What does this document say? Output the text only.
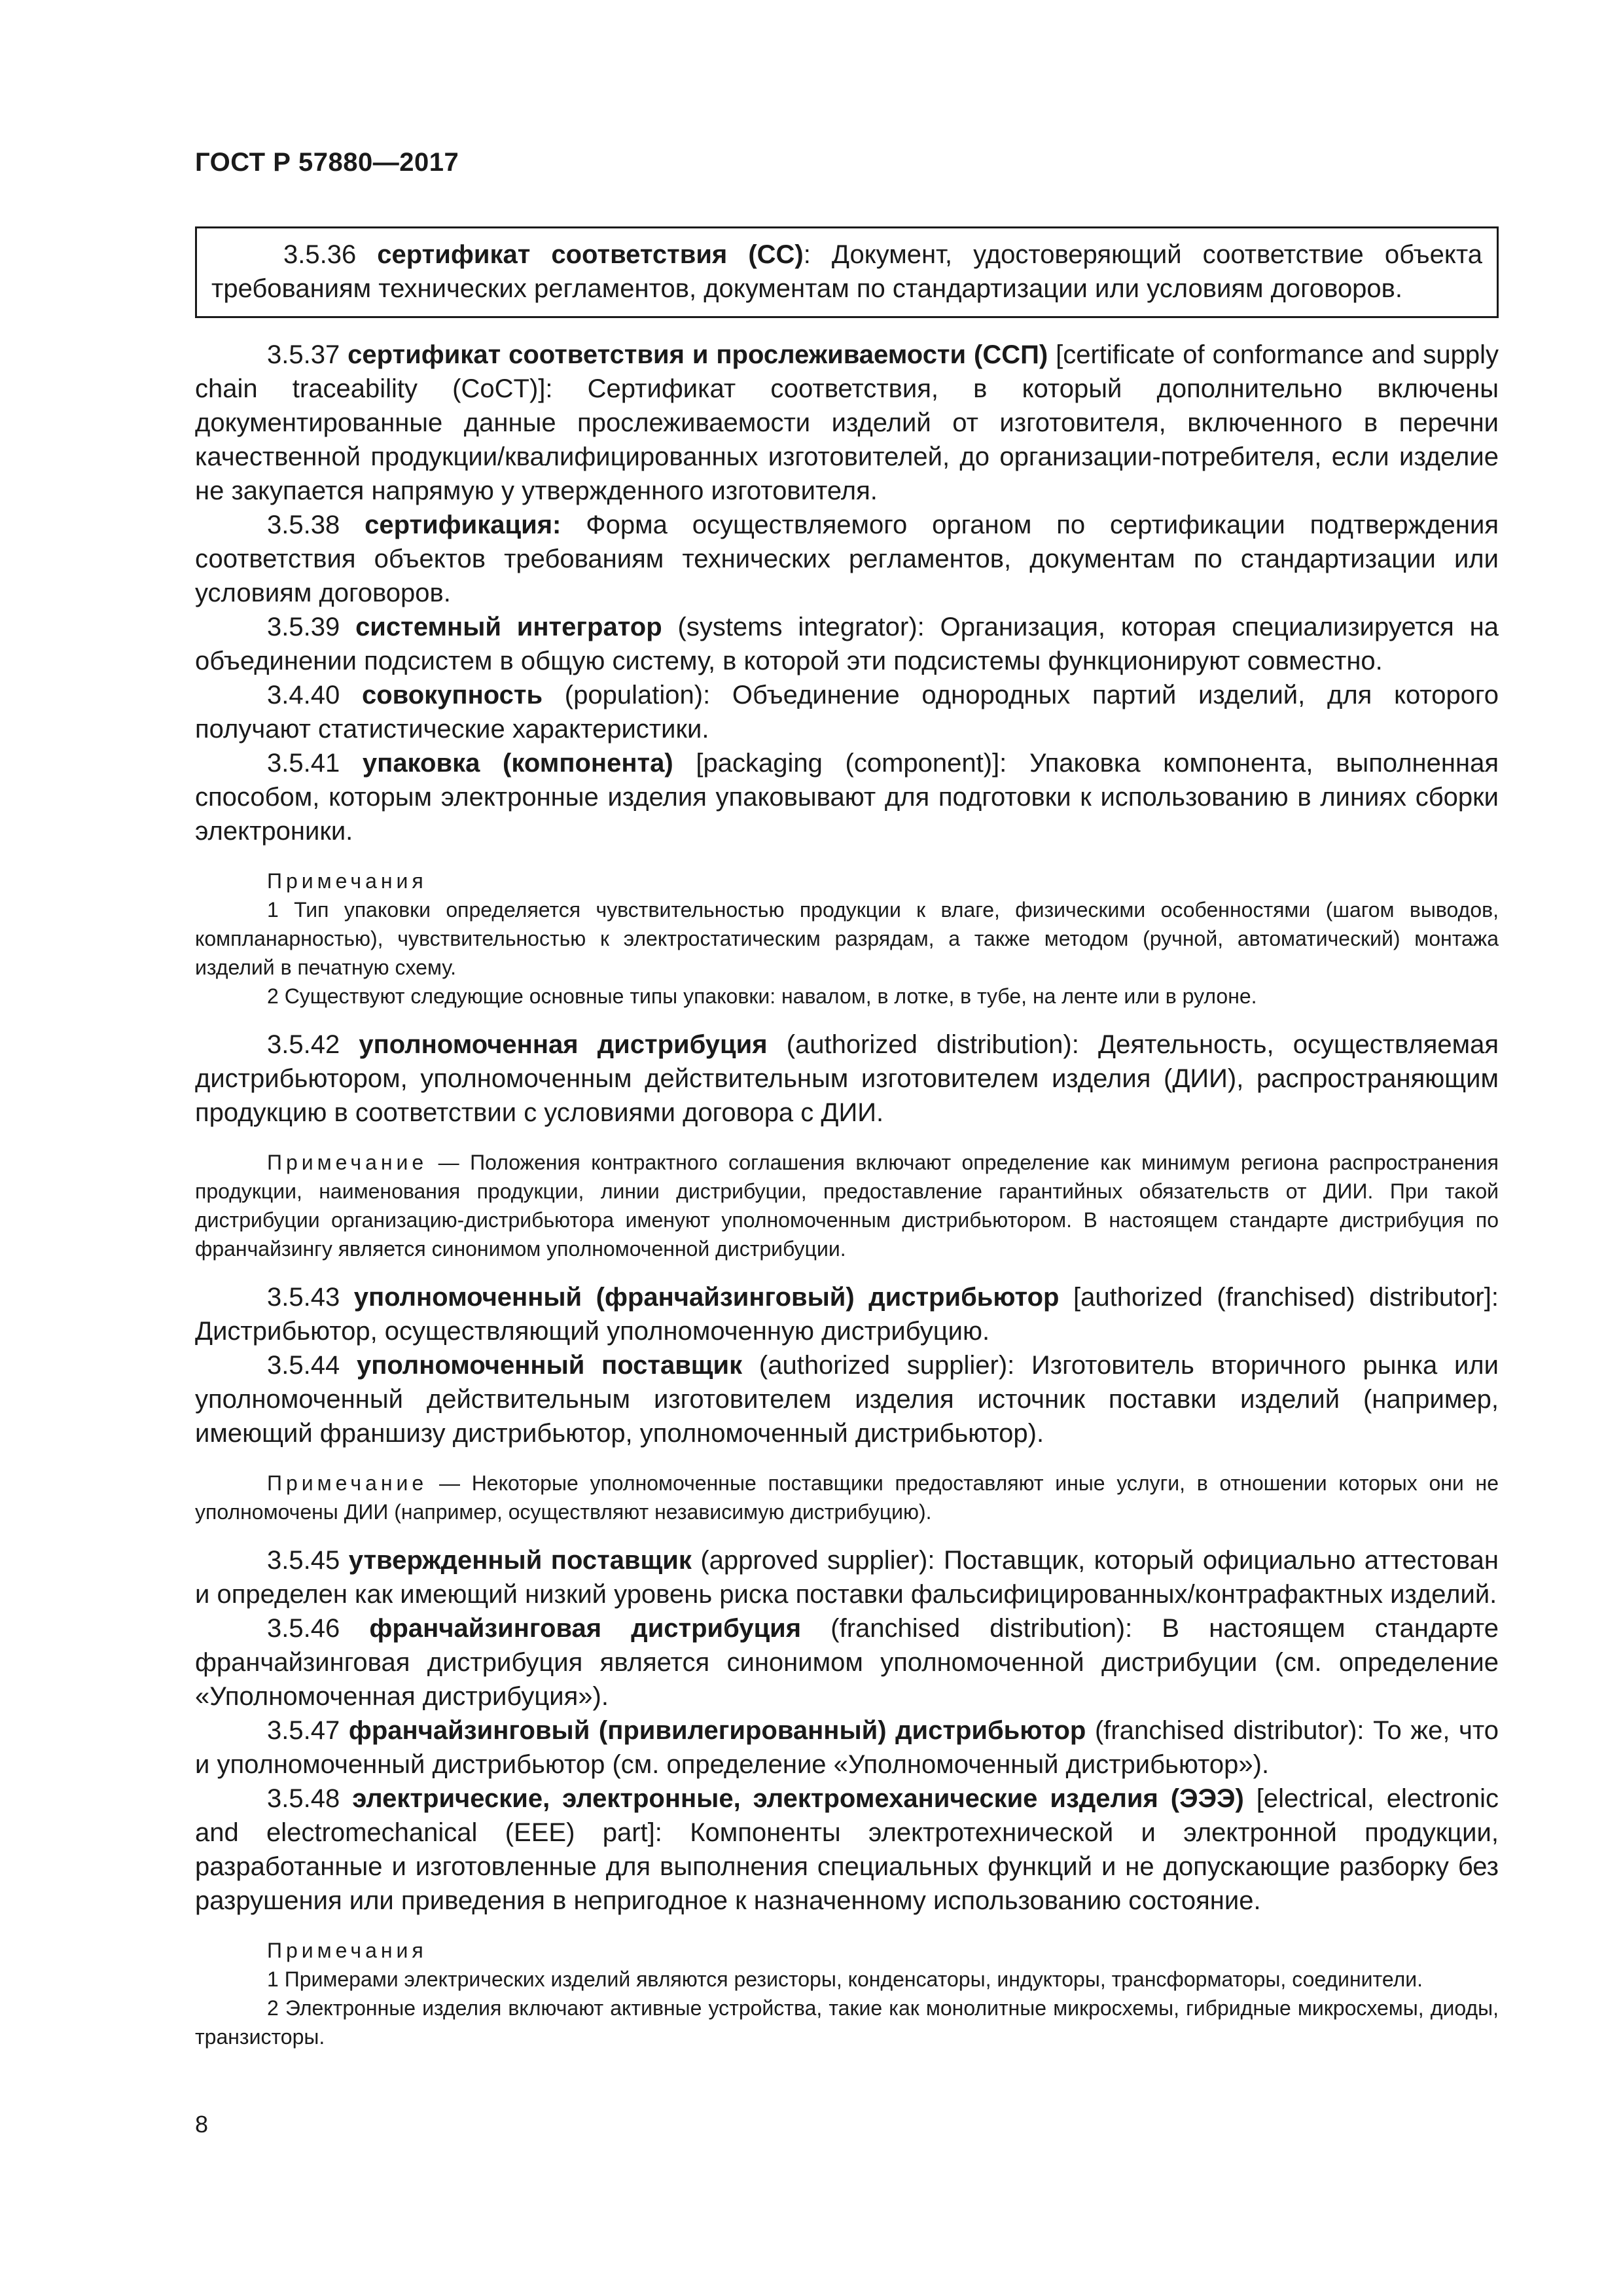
ГОСТ Р 57880—2017

3.5.36 сертификат соответствия (СС): Документ, удостоверяющий соответствие объекта требованиям технических регламентов, документам по стандартизации или условиям договоров.

3.5.37 сертификат соответствия и прослеживаемости (ССП) [certificate of conformance and supply chain traceability (CoCT)]: Сертификат соответствия, в который дополнительно включены документированные данные прослеживаемости изделий от изготовителя, включенного в перечни качественной продукции/квалифицированных изготовителей, до организации-потребителя, если изделие не закупается напрямую у утвержденного изготовителя.

3.5.38 сертификация: Форма осуществляемого органом по сертификации подтверждения соответствия объектов требованиям технических регламентов, документам по стандартизации или условиям договоров.

3.5.39 системный интегратор (systems integrator): Организация, которая специализируется на объединении подсистем в общую систему, в которой эти подсистемы функционируют совместно.

3.4.40 совокупность (population): Объединение однородных партий изделий, для которого получают статистические характеристики.

3.5.41 упаковка (компонента) [packaging (component)]: Упаковка компонента, выполненная способом, которым электронные изделия упаковывают для подготовки к использованию в линиях сборки электроники.

Примечания

1 Тип упаковки определяется чувствительностью продукции к влаге, физическими особенностями (шагом выводов, компланарностью), чувствительностью к электростатическим разрядам, а также методом (ручной, автоматический) монтажа изделий в печатную схему.

2 Существуют следующие основные типы упаковки: навалом, в лотке, в тубе, на ленте или в рулоне.

3.5.42 уполномоченная дистрибуция (authorized distribution): Деятельность, осуществляемая дистрибьютором, уполномоченным действительным изготовителем изделия (ДИИ), распространяющим продукцию в соответствии с условиями договора с ДИИ.

Примечание — Положения контрактного соглашения включают определение как минимум региона распространения продукции, наименования продукции, линии дистрибуции, предоставление гарантийных обязательств от ДИИ. При такой дистрибуции организацию-дистрибьютора именуют уполномоченным дистрибьютором. В настоящем стандарте дистрибуция по франчайзингу является синонимом уполномоченной дистрибуции.

3.5.43 уполномоченный (франчайзинговый) дистрибьютор [authorized (franchised) distributor]: Дистрибьютор, осуществляющий уполномоченную дистрибуцию.

3.5.44 уполномоченный поставщик (authorized supplier): Изготовитель вторичного рынка или уполномоченный действительным изготовителем изделия источник поставки изделий (например, имеющий франшизу дистрибьютор, уполномоченный дистрибьютор).

Примечание — Некоторые уполномоченные поставщики предоставляют иные услуги, в отношении которых они не уполномочены ДИИ (например, осуществляют независимую дистрибуцию).

3.5.45 утвержденный поставщик (approved supplier): Поставщик, который официально аттестован и определен как имеющий низкий уровень риска поставки фальсифицированных/контрафактных изделий.

3.5.46 франчайзинговая дистрибуция (franchised distribution): В настоящем стандарте франчайзинговая дистрибуция является синонимом уполномоченной дистрибуции (см. определение «Уполномоченная дистрибуция»).

3.5.47 франчайзинговый (привилегированный) дистрибьютор (franchised distributor): То же, что и уполномоченный дистрибьютор (см. определение «Уполномоченный дистрибьютор»).

3.5.48 электрические, электронные, электромеханические изделия (ЭЭЭ) [electrical, electronic and electromechanical (EEE) part]: Компоненты электротехнической и электронной продукции, разработанные и изготовленные для выполнения специальных функций и не допускающие разборку без разрушения или приведения в непригодное к назначенному использованию состояние.

Примечания

1 Примерами электрических изделий являются резисторы, конденсаторы, индукторы, трансформаторы, соединители.

2 Электронные изделия включают активные устройства, такие как монолитные микросхемы, гибридные микросхемы, диоды, транзисторы.

8
